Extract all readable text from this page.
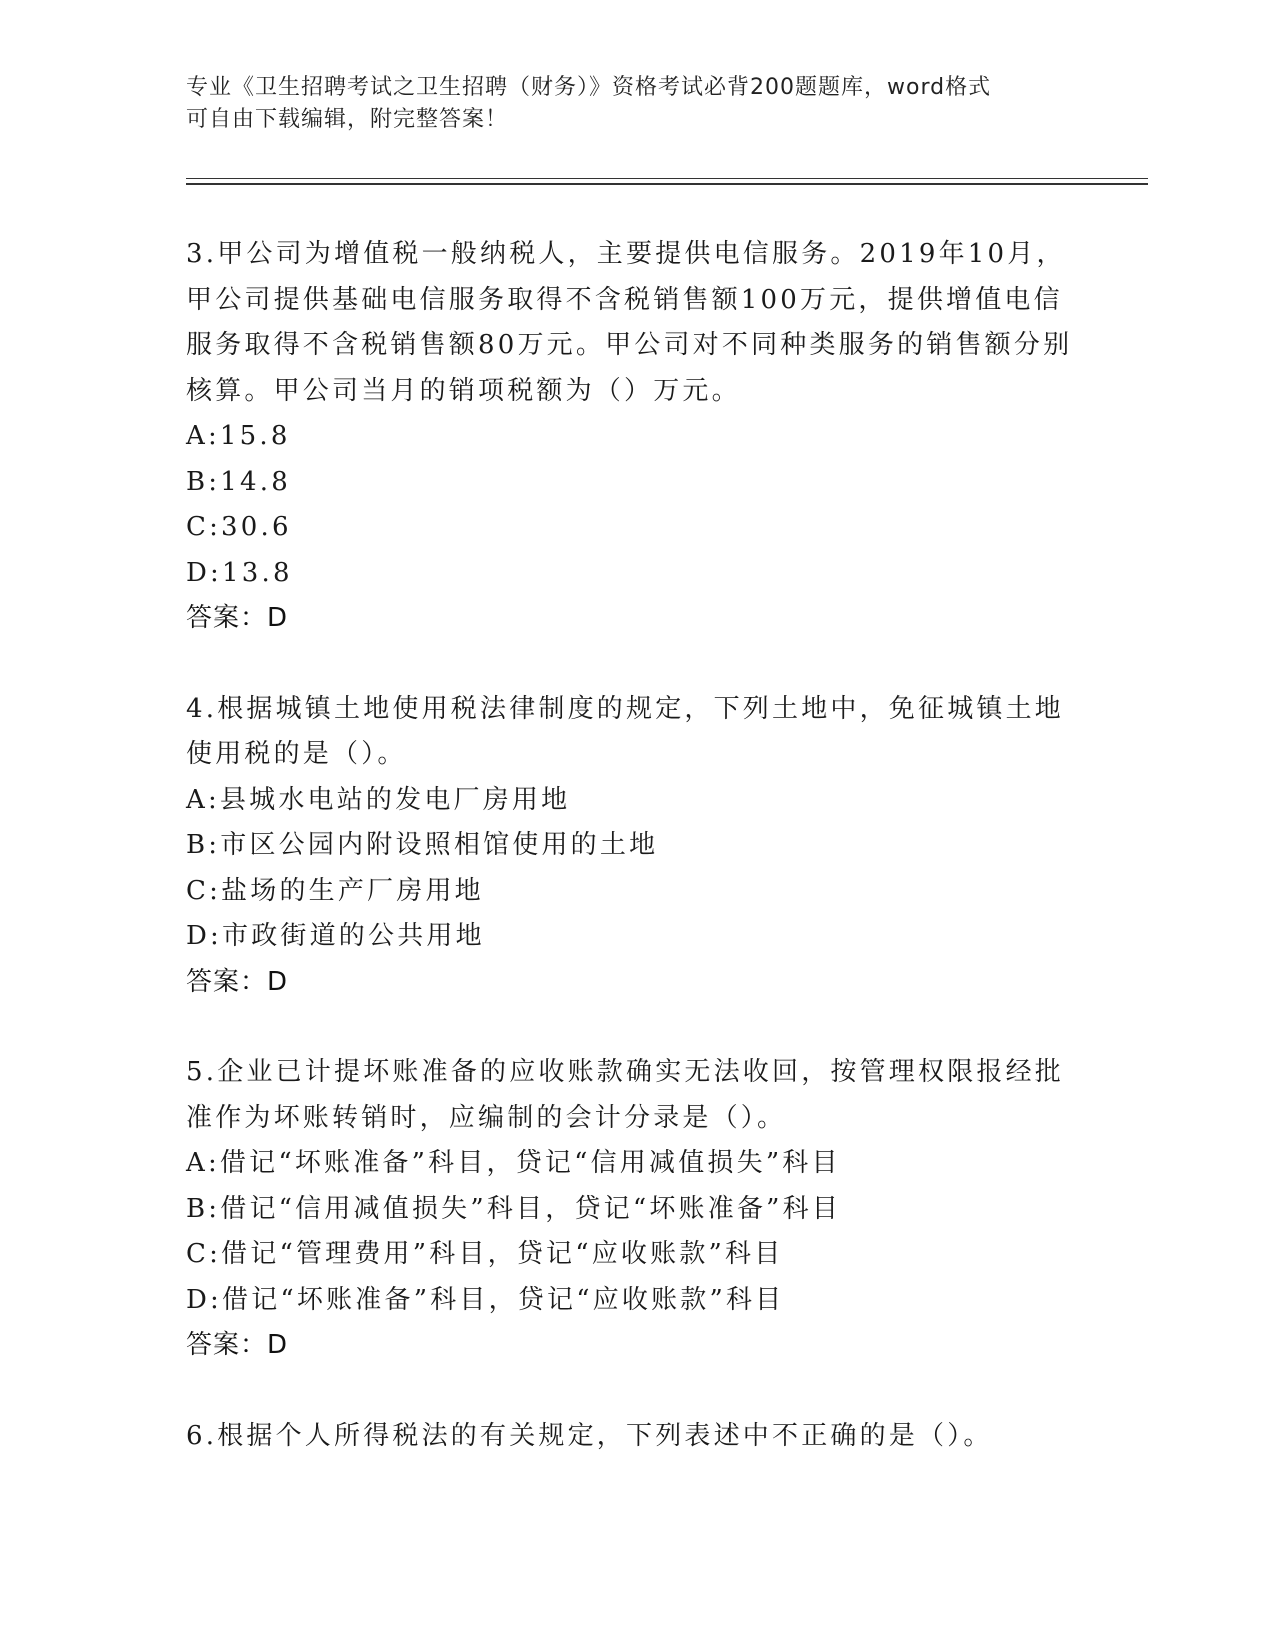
专业《卫生招聘考试之卫生招聘（财务）》资格考试必背200题题库，word格式
可自由下载编辑，附完整答案！
3.甲公司为增值税一般纳税人，主要提供电信服务。2019年10月，甲公司提供基础电信服务取得不含税销售额100万元，提供增值电信服务取得不含税销售额80万元。甲公司对不同种类服务的销售额分别核算。甲公司当月的销项税额为（）万元。
A:15.8
B:14.8
C:30.6
D:13.8
答案：D
4.根据城镇土地使用税法律制度的规定，下列土地中，免征城镇土地使用税的是（）。
A:县城水电站的发电厂房用地
B:市区公园内附设照相馆使用的土地
C:盐场的生产厂房用地
D:市政街道的公共用地
答案：D
5.企业已计提坏账准备的应收账款确实无法收回，按管理权限报经批准作为坏账转销时，应编制的会计分录是（）。
A:借记“坏账准备”科目，贷记“信用减值损失”科目
B:借记“信用减值损失”科目，贷记“坏账准备”科目
C:借记“管理费用”科目，贷记“应收账款”科目
D:借记“坏账准备”科目，贷记“应收账款”科目
答案：D
6.根据个人所得税法的有关规定，下列表述中不正确的是（）。
